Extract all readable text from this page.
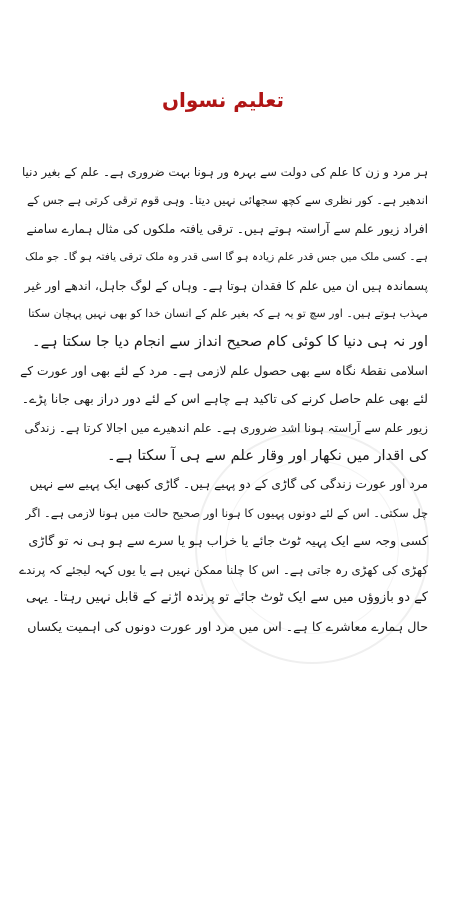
تعلیم نسواں

ہر مرد و زن کا علم کی دولت سے بہرہ ور ہونا بہت ضروری ہے۔ علم کے بغیر دنیا
اندھیر ہے۔ کور نظری سے کچھ سجھائی نہیں دیتا۔ وہی قوم ترقی کرتی ہے جس کے
افراد زیور علم سے آراستہ ہوتے ہیں۔ ترقی یافتہ ملکوں کی مثال ہمارے سامنے
ہے۔ کسی ملک میں جس قدر علم زیادہ ہو گا اسی قدر وہ ملک ترقی یافتہ ہو گا۔ جو ملک
پسماندہ ہیں ان میں علم کا فقدان ہوتا ہے۔ وہاں کے لوگ جاہل، اندھے اور غیر
مہذب ہوتے ہیں۔ اور سچ تو یہ ہے کہ بغیر علم کے انسان خدا کو بھی نہیں پہچان سکتا
اور نہ ہی دنیا کا کوئی کام صحیح انداز سے انجام دیا جا سکتا ہے۔

اسلامی نقطۂ نگاہ سے بھی حصول علم لازمی ہے۔ مرد کے لئے بھی اور عورت کے
لئے بھی علم حاصل کرنے کی تاکید ہے چاہے اس کے لئے دور دراز بھی جانا پڑے۔
زیور علم سے آراستہ ہونا اشد ضروری ہے۔ علم اندھیرے میں اجالا کرتا ہے۔ زندگی
کی اقدار میں نکھار اور وقار علم سے ہی آ سکتا ہے۔

مرد اور عورت زندگی کی گاڑی کے دو پہیے ہیں۔ گاڑی کبھی ایک پہیے سے نہیں
چل سکتی۔ اس کے لئے دونوں پہیوں کا ہونا اور صحیح حالت میں ہونا لازمی ہے۔ اگر
کسی وجہ سے ایک پہیہ ٹوٹ جائے یا خراب ہو یا سرے سے ہو ہی نہ تو گاڑی
کھڑی کی کھڑی رہ جاتی ہے۔ اس کا چلنا ممکن نہیں ہے یا یوں کہہ لیجئے کہ پرندے
کے دو بازوؤں میں سے ایک ٹوٹ جائے تو پرندہ اڑنے کے قابل نہیں رہتا۔ یہی
حال ہمارے معاشرے کا ہے۔ اس میں مرد اور عورت دونوں کی اہمیت یکساں
